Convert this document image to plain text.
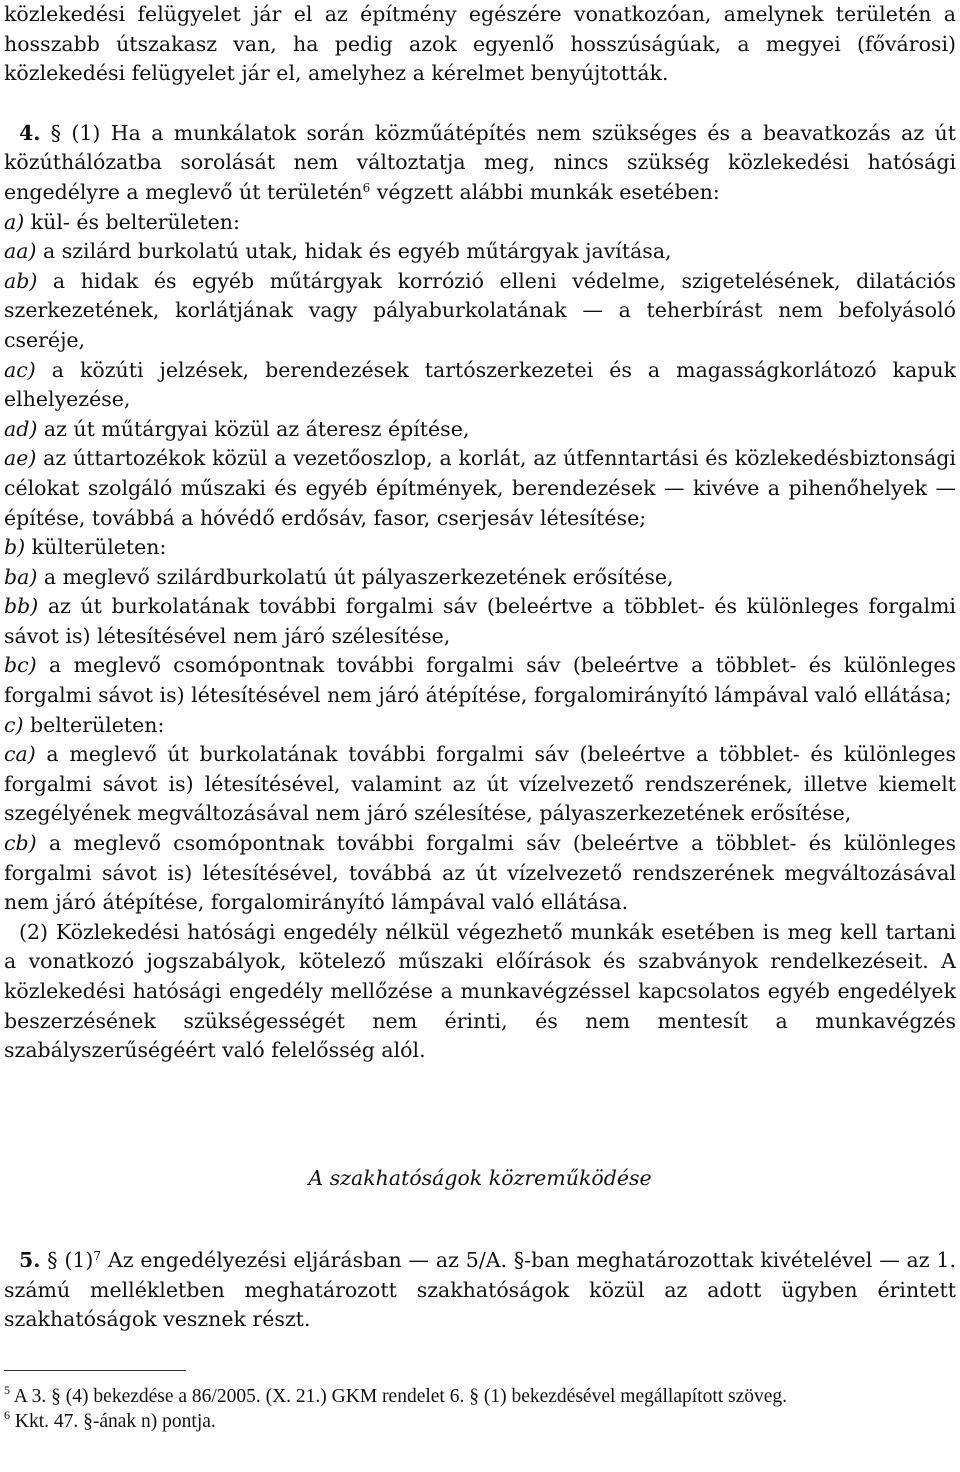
közlekedési felügyelet jár el az építmény egészére vonatkozóan, amelynek területén a hosszabb útszakasz van, ha pedig azok egyenlő hosszúságúak, a megyei (fővárosi) közlekedési felügyelet jár el, amelyhez a kérelmet benyújtották.

4. § (1) Ha a munkálatok során közműátépítés nem szükséges és a beavatkozás az út közúthálózatba sorolását nem változtatja meg, nincs szükség közlekedési hatósági engedélyre a meglevő út területén$^6$ végzett alábbi munkák esetében:

a) kül- és belterületen:

aa) a szilárd burkolatú utak, hidak és egyéb műtárgyak javítása,

ab) a hidak és egyéb műtárgyak korrózió elleni védelme, szigetelésének, dilatációs szerkezetének, korlátjának vagy pályaburkolatának — a teherbírást nem befolyásoló cseréje,

ac) a közúti jelzések, berendezések tartószerkezetei és a magasságkorlátozó kapuk elhelyezése,

ad) az út műtárgyai közül az áteresz építése,

ae) az úttartozékok közül a vezetőoszlop, a korlát, az útfenntartási és közlekedésbiztonsági célokat szolgáló műszaki és egyéb építmények, berendezések — kivéve a pihenőhelyek — építése, továbbá a hóvédő erdősáv, fasor, cserjesáv létesítése;

b) külterületen:

ba) a meglevő szilárdburkolatú út pályaszerkezetének erősítése,

bb) az út burkolatának további forgalmi sáv (beleértve a többlet- és különleges forgalmi sávot is) létesítésével nem járó szélesítése,

bc) a meglevő csomópontnak további forgalmi sáv (beleértve a többlet- és különleges forgalmi sávot is) létesítésével nem járó átépítése, forgalomirányító lámpával való ellátása;

c) belterületen:

ca) a meglevő út burkolatának további forgalmi sáv (beleértve a többlet- és különleges forgalmi sávot is) létesítésével, valamint az út vízelvezető rendszerének, illetve kiemelt szegélyének megváltozásával nem járó szélesítése, pályaszerkezetének erősítése,

cb) a meglevő csomópontnak további forgalmi sáv (beleértve a többlet- és különleges forgalmi sávot is) létesítésével, továbbá az út vízelvezető rendszerének megváltozásával nem járó átépítése, forgalomirányító lámpával való ellátása.

(2) Közlekedési hatósági engedély nélkül végezhető munkák esetében is meg kell tartani a vonatkozó jogszabályok, kötelező műszaki előírások és szabványok rendelkezéseit. A közlekedési hatósági engedély mellőzése a munkavégzéssel kapcsolatos egyéb engedélyek beszerzésének szükségességét nem érinti, és nem mentesít a munkavégzés szabályszerűségéért való felelősség alól.

A szakhatóságok közreműködése

5. § $(1)^7$ Az engedélyezési eljárásban — az 5/A. §-ban meghatározottak kivételével — az 1. számú mellékletben meghatározott szakhatóságok közül az adott ügyben érintett szakhatóságok vesznek részt.

$^5$ A 3. § (4) bekezdése a 86/2005. (X. 21.) GKM rendelet 6. § (1) bekezdésével megállapított szöveg.

$^6$ Kkt. 47. §-ának n) pontja.
